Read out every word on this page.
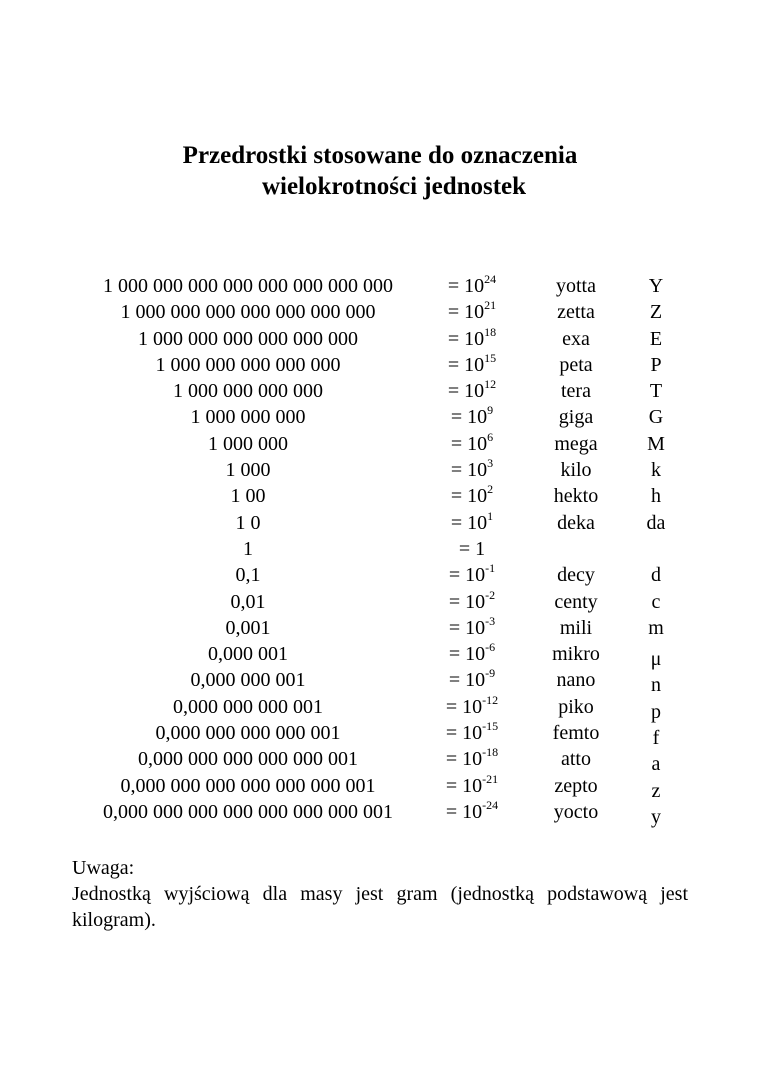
Przedrostki stosowane do oznaczenia
wielokrotności jednostek
1 000 000 000 000 000 000 000 000	= $10^{24}$	yotta	Y
1 000 000 000 000 000 000 000	= $10^{21}$	zetta	Z
1 000 000 000 000 000 000	= $10^{18}$	exa	E
1 000 000 000 000 000	= $10^{15}$	peta	P
1 000 000 000 000	= $10^{12}$	tera	T
1 000 000 000	= $10^9$	giga	G
1 000 000	= $10^6$	mega	M
1 000	= $10^3$	kilo	k
1 00	= $10^2$	hekto	h
1 0	= $10^1$	deka	da
1	= 1
0,1	= $10^{-1}$	decy	d
0,01	= $10^{-2}$	centy	c
0,001	= $10^{-3}$	mili	m
0,000 001	= $10^{-6}$	mikro	μ
0,000 000 001	= $10^{-9}$	nano	n
0,000 000 000 001	= $10^{-12}$	piko	p
0,000 000 000 000 001	= $10^{-15}$	femto	f
0,000 000 000 000 000 001	= $10^{-18}$	atto	a
0,000 000 000 000 000 000 001	= $10^{-21}$	zepto	z
0,000 000 000 000 000 000 000 001	= $10^{-24}$	yocto	y
Uwaga:
Jednostką wyjściową dla masy jest gram (jednostką podstawową jest kilogram).
